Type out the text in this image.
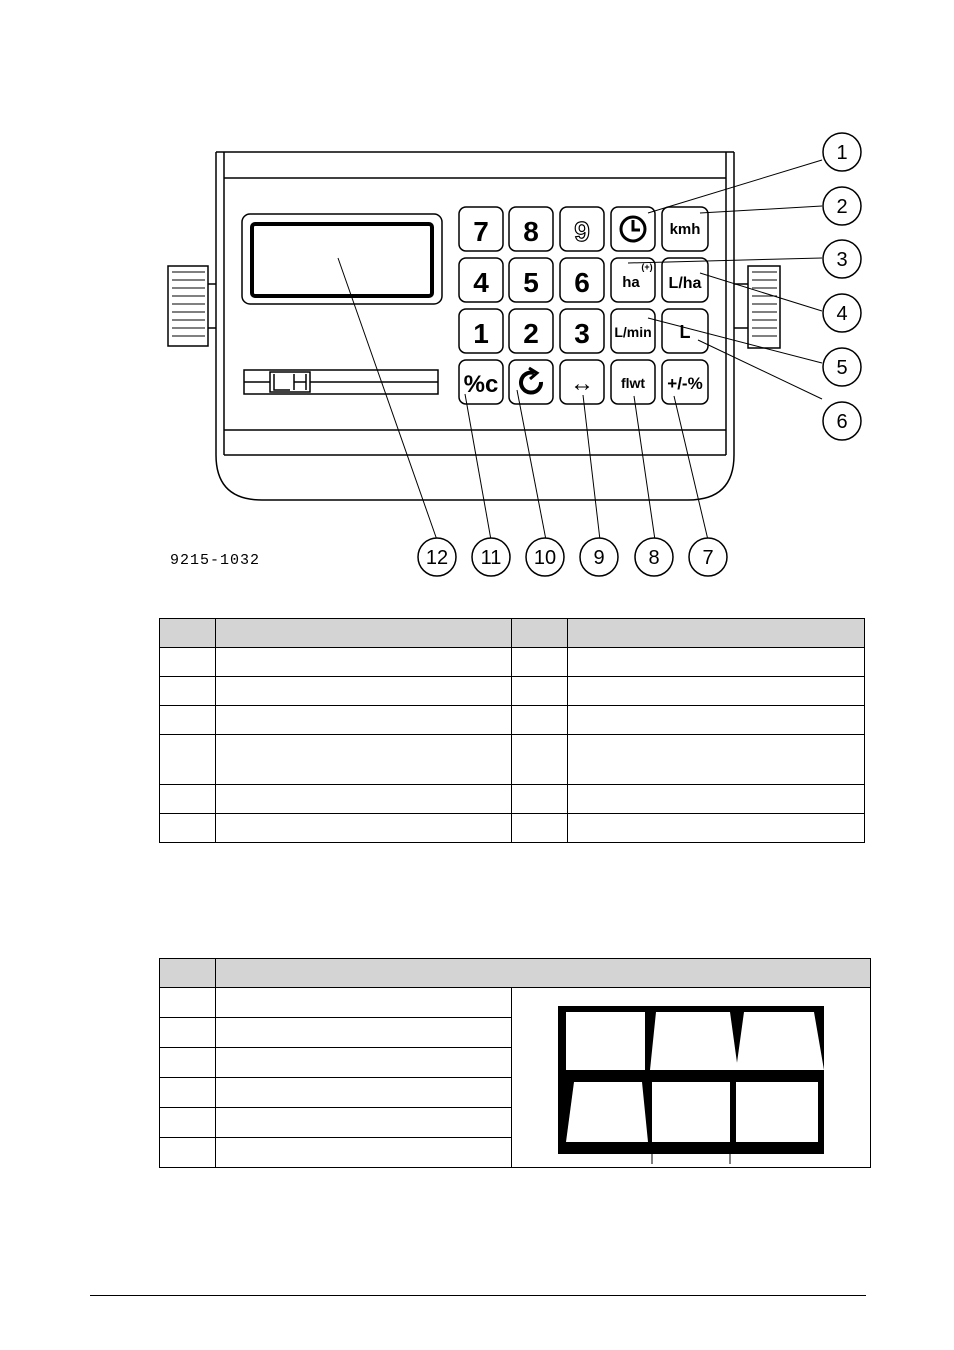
7 8 9	kmh
4 5 6 ha
(+)
L/ha
1 2 3 L/min L
%c	↔ flwt +/-%
1
2
3
4
5
6
7
8
9
10
11
12
9215-1032
